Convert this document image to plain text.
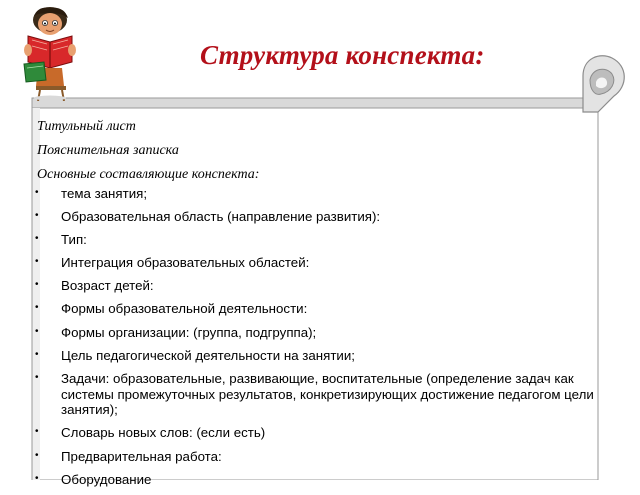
Структура конспекта:
Титульный лист
Пояснительная записка
Основные составляющие конспекта:
• тема занятия;
• Образовательная область (направление развития):
• Тип:
• Интеграция образовательных областей:
• Возраст детей:
• Формы образовательной деятельности:
• Формы организации: (группа, подгруппа);
• Цель педагогической деятельности на занятии;
• Задачи: образовательные, развивающие, воспитательные (определение задач как системы промежуточных результатов, конкретизирующих достижение педагогом цели занятия);
• Словарь новых слов: (если есть)
• Предварительная работа:
• Оборудование
